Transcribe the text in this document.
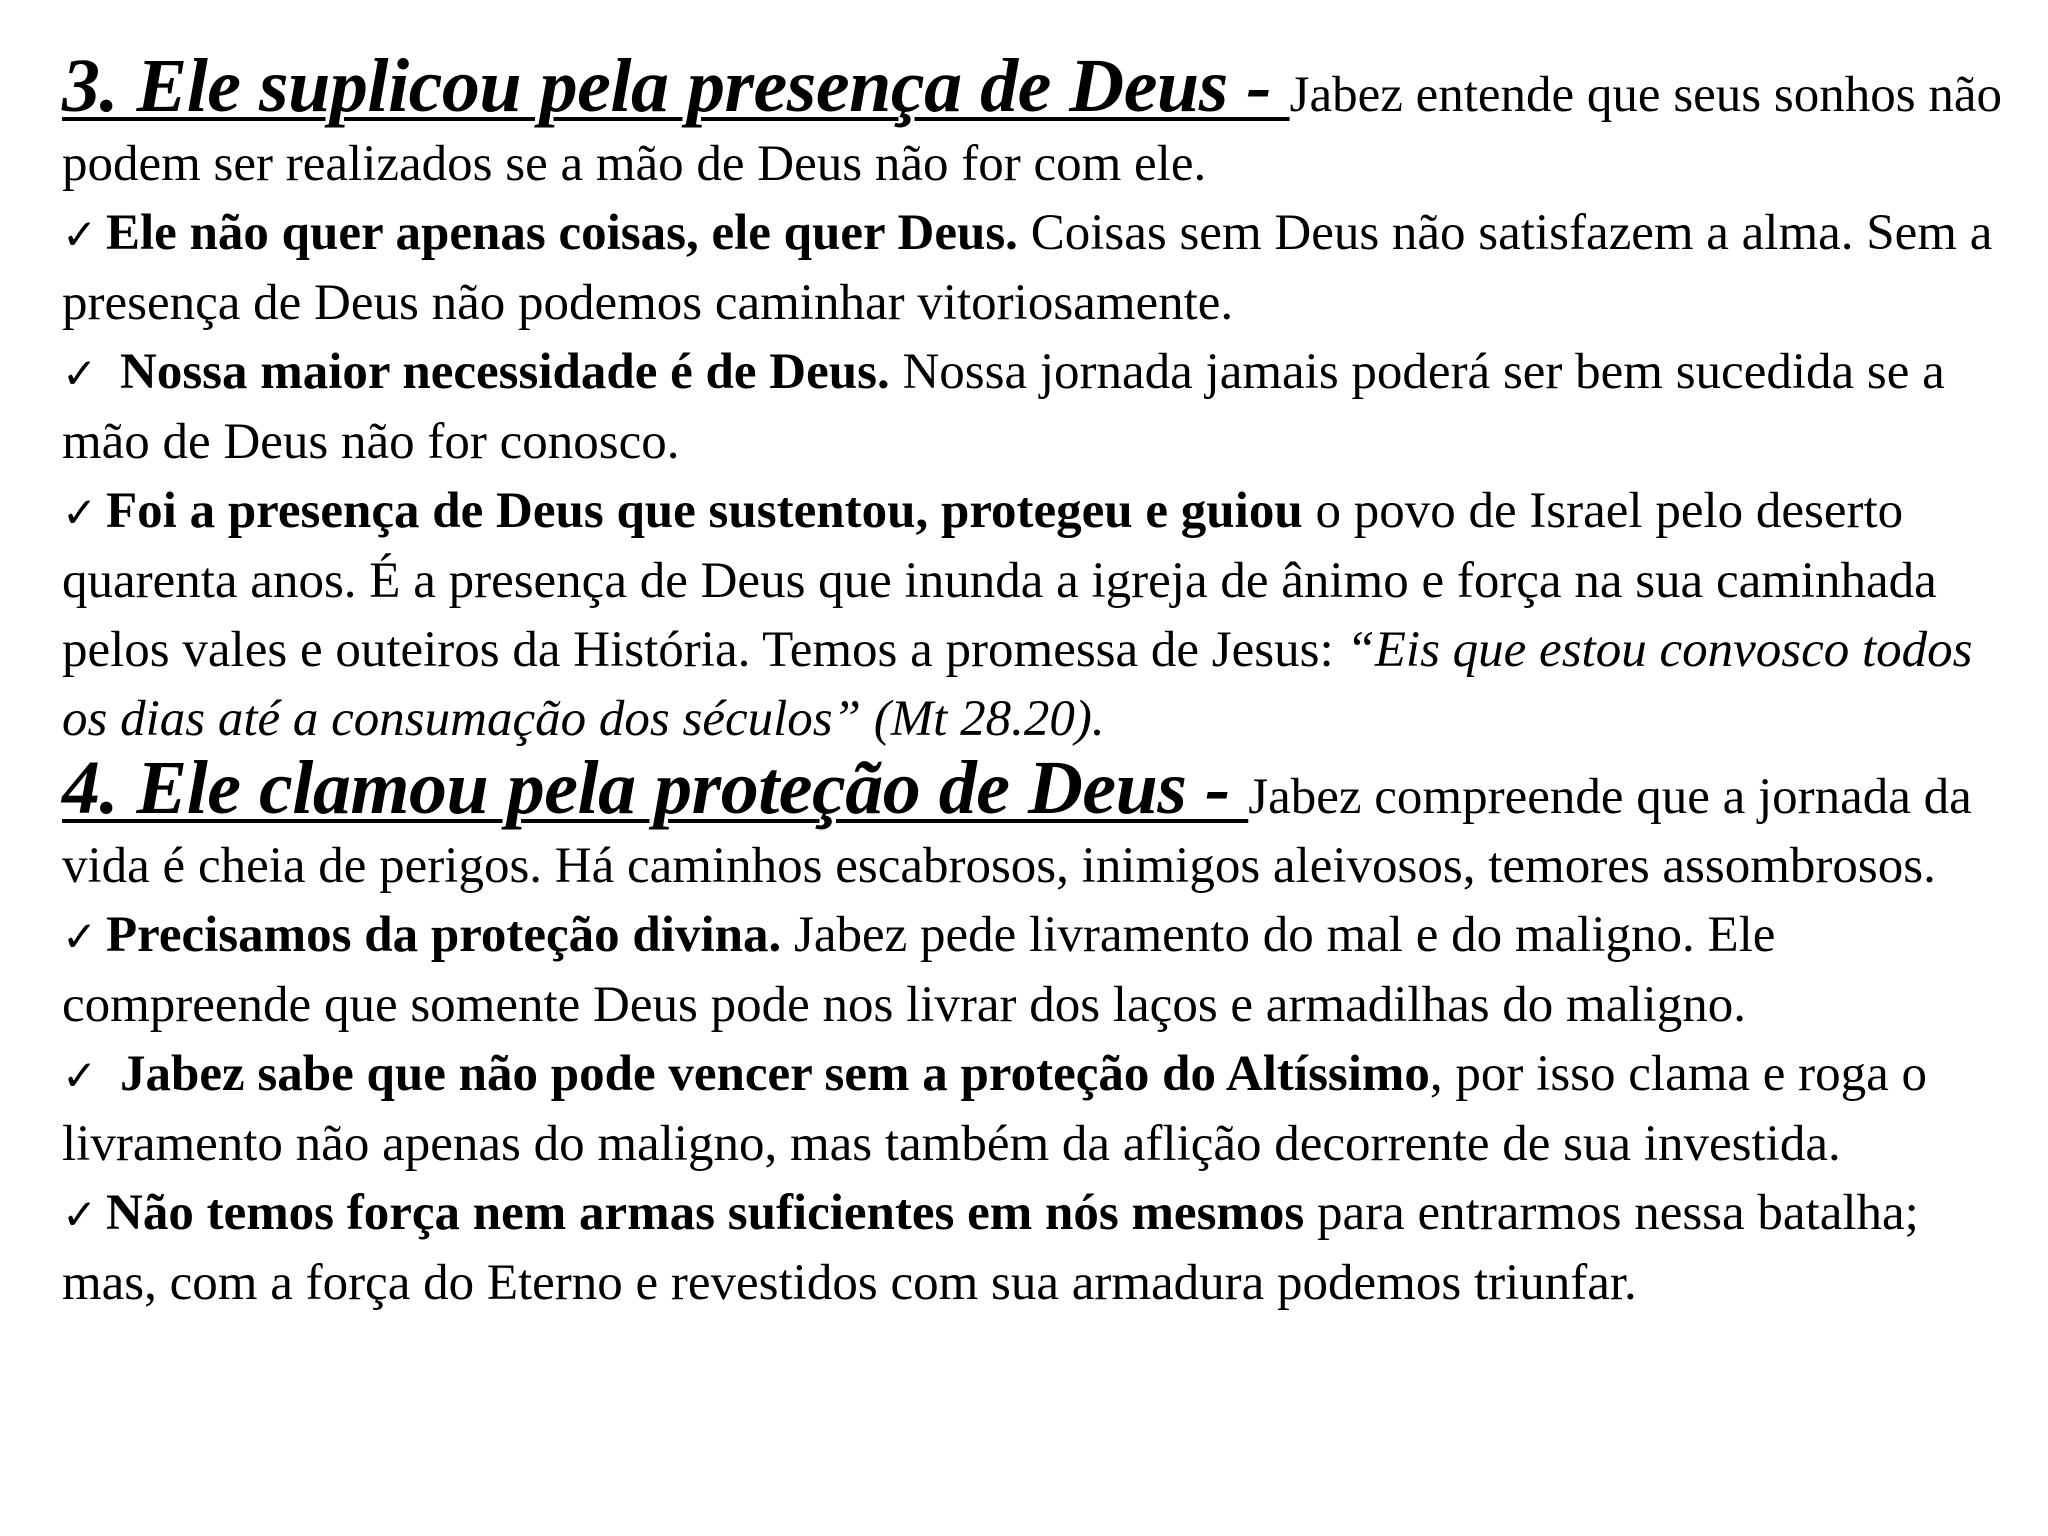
3. Ele suplicou pela presença de Deus - Jabez entende que seus sonhos não podem ser realizados se a mão de Deus não for com ele.

✓ Ele não quer apenas coisas, ele quer Deus. Coisas sem Deus não satisfazem a alma. Sem a presença de Deus não podemos caminhar vitoriosamente.

✓ Nossa maior necessidade é de Deus. Nossa jornada jamais poderá ser bem sucedida se a mão de Deus não for conosco.

✓ Foi a presença de Deus que sustentou, protegeu e guiou o povo de Israel pelo deserto quarenta anos. É a presença de Deus que inunda a igreja de ânimo e força na sua caminhada pelos vales e outeiros da História. Temos a promessa de Jesus: “Eis que estou convosco todos os dias até a consumação dos séculos” (Mt 28.20).

4. Ele clamou pela proteção de Deus - Jabez compreende que a jornada da vida é cheia de perigos. Há caminhos escabrosos, inimigos aleivosos, temores assombrosos.

✓ Precisamos da proteção divina. Jabez pede livramento do mal e do maligno. Ele compreende que somente Deus pode nos livrar dos laços e armadilhas do maligno.

✓ Jabez sabe que não pode vencer sem a proteção do Altíssimo, por isso clama e roga o livramento não apenas do maligno, mas também da aflição decorrente de sua investida.

✓ Não temos força nem armas suficientes em nós mesmos para entrarmos nessa batalha; mas, com a força do Eterno e revestidos com sua armadura podemos triunfar.
